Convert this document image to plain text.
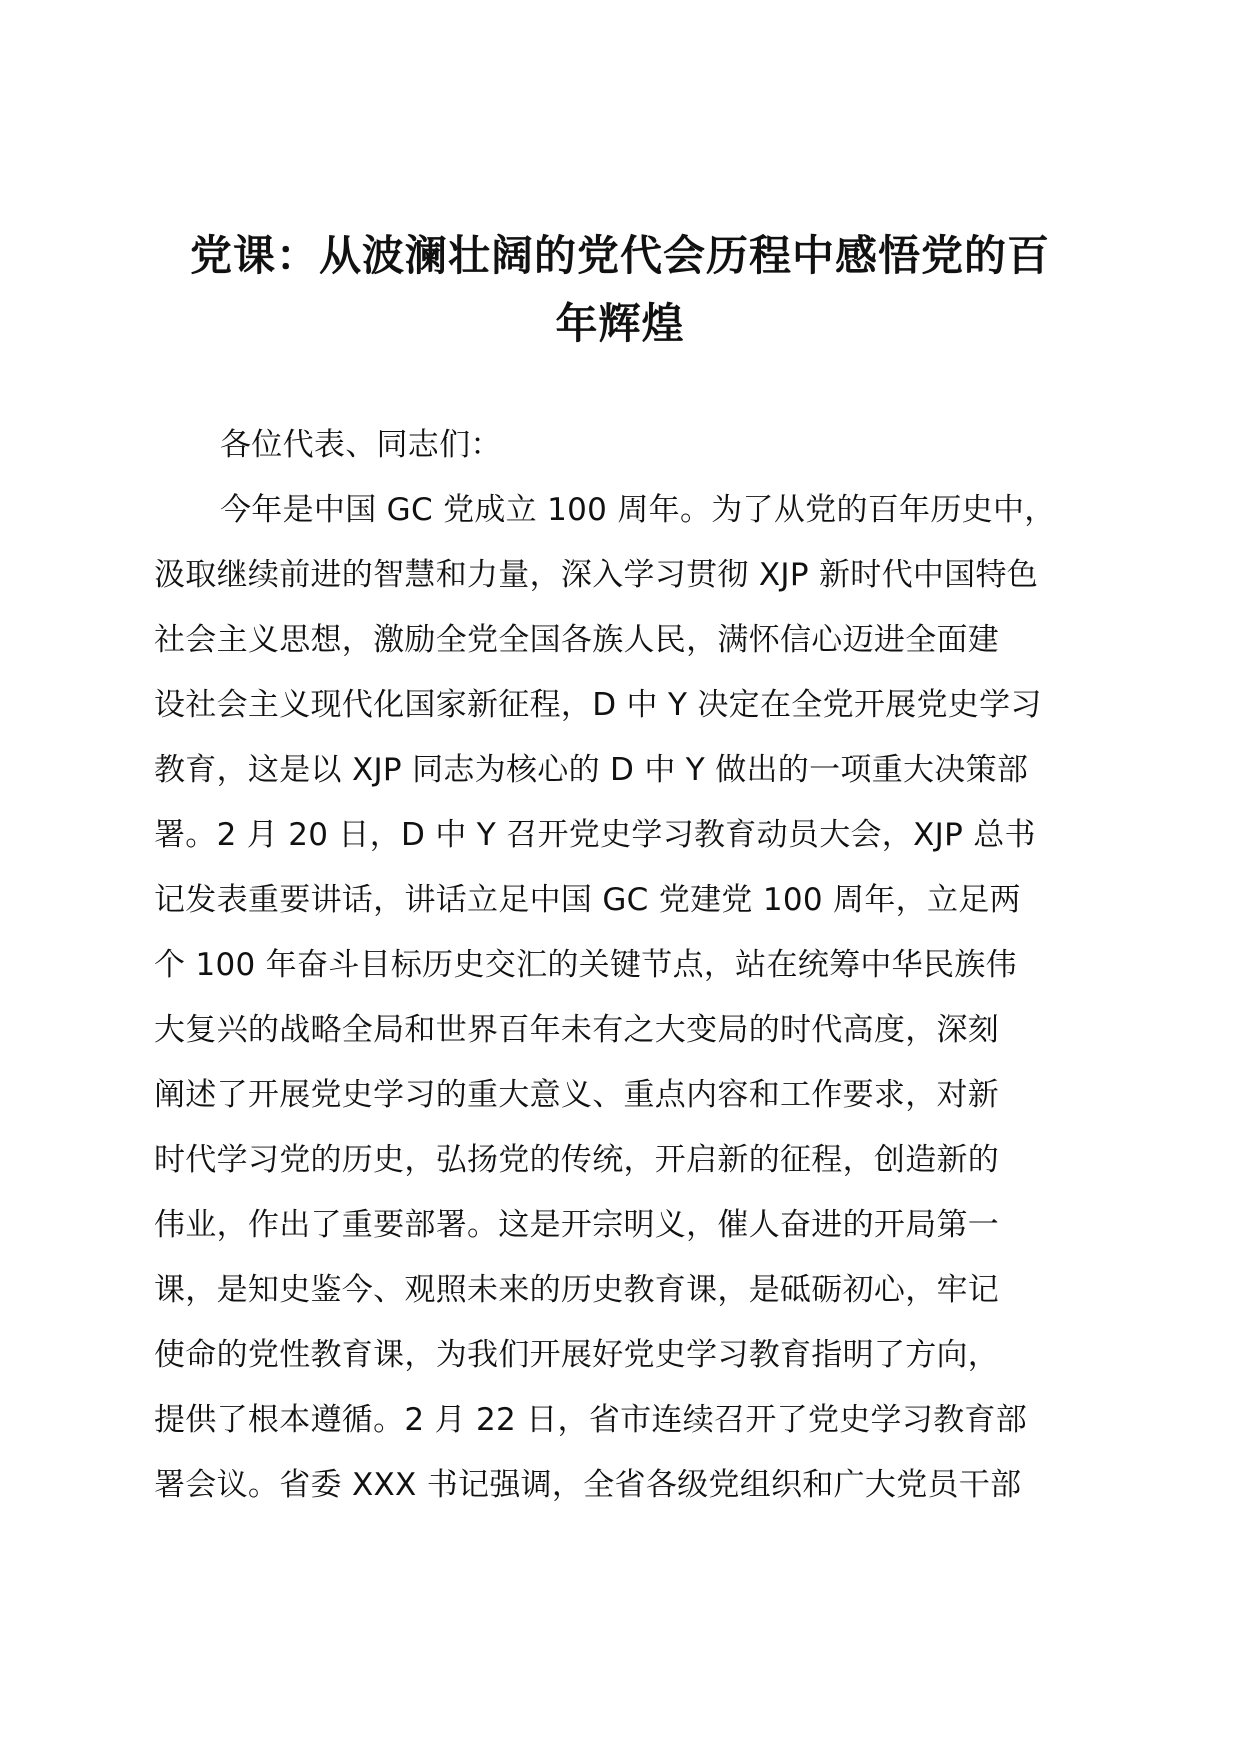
党课：从波澜壮阔的党代会历程中感悟党的百

年辉煌

各位代表、同志们：

今年是中国 GC 党成立 100 周年。为了从党的百年历史中，

汲取继续前进的智慧和力量，深入学习贯彻 XJP 新时代中国特色

社会主义思想，激励全党全国各族人民，满怀信心迈进全面建

设社会主义现代化国家新征程，D 中 Y 决定在全党开展党史学习

教育，这是以 XJP 同志为核心的 D 中 Y 做出的一项重大决策部

署。2 月 20 日，D 中 Y 召开党史学习教育动员大会，XJP 总书

记发表重要讲话，讲话立足中国 GC 党建党 100 周年，立足两

个 100 年奋斗目标历史交汇的关键节点，站在统筹中华民族伟

大复兴的战略全局和世界百年未有之大变局的时代高度，深刻

阐述了开展党史学习的重大意义、重点内容和工作要求，对新

时代学习党的历史，弘扬党的传统，开启新的征程，创造新的

伟业，作出了重要部署。这是开宗明义，催人奋进的开局第一

课，是知史鉴今、观照未来的历史教育课，是砥砺初心，牢记

使命的党性教育课，为我们开展好党史学习教育指明了方向，

提供了根本遵循。2 月 22 日，省市连续召开了党史学习教育部

署会议。省委 XXX 书记强调，全省各级党组织和广大党员干部
